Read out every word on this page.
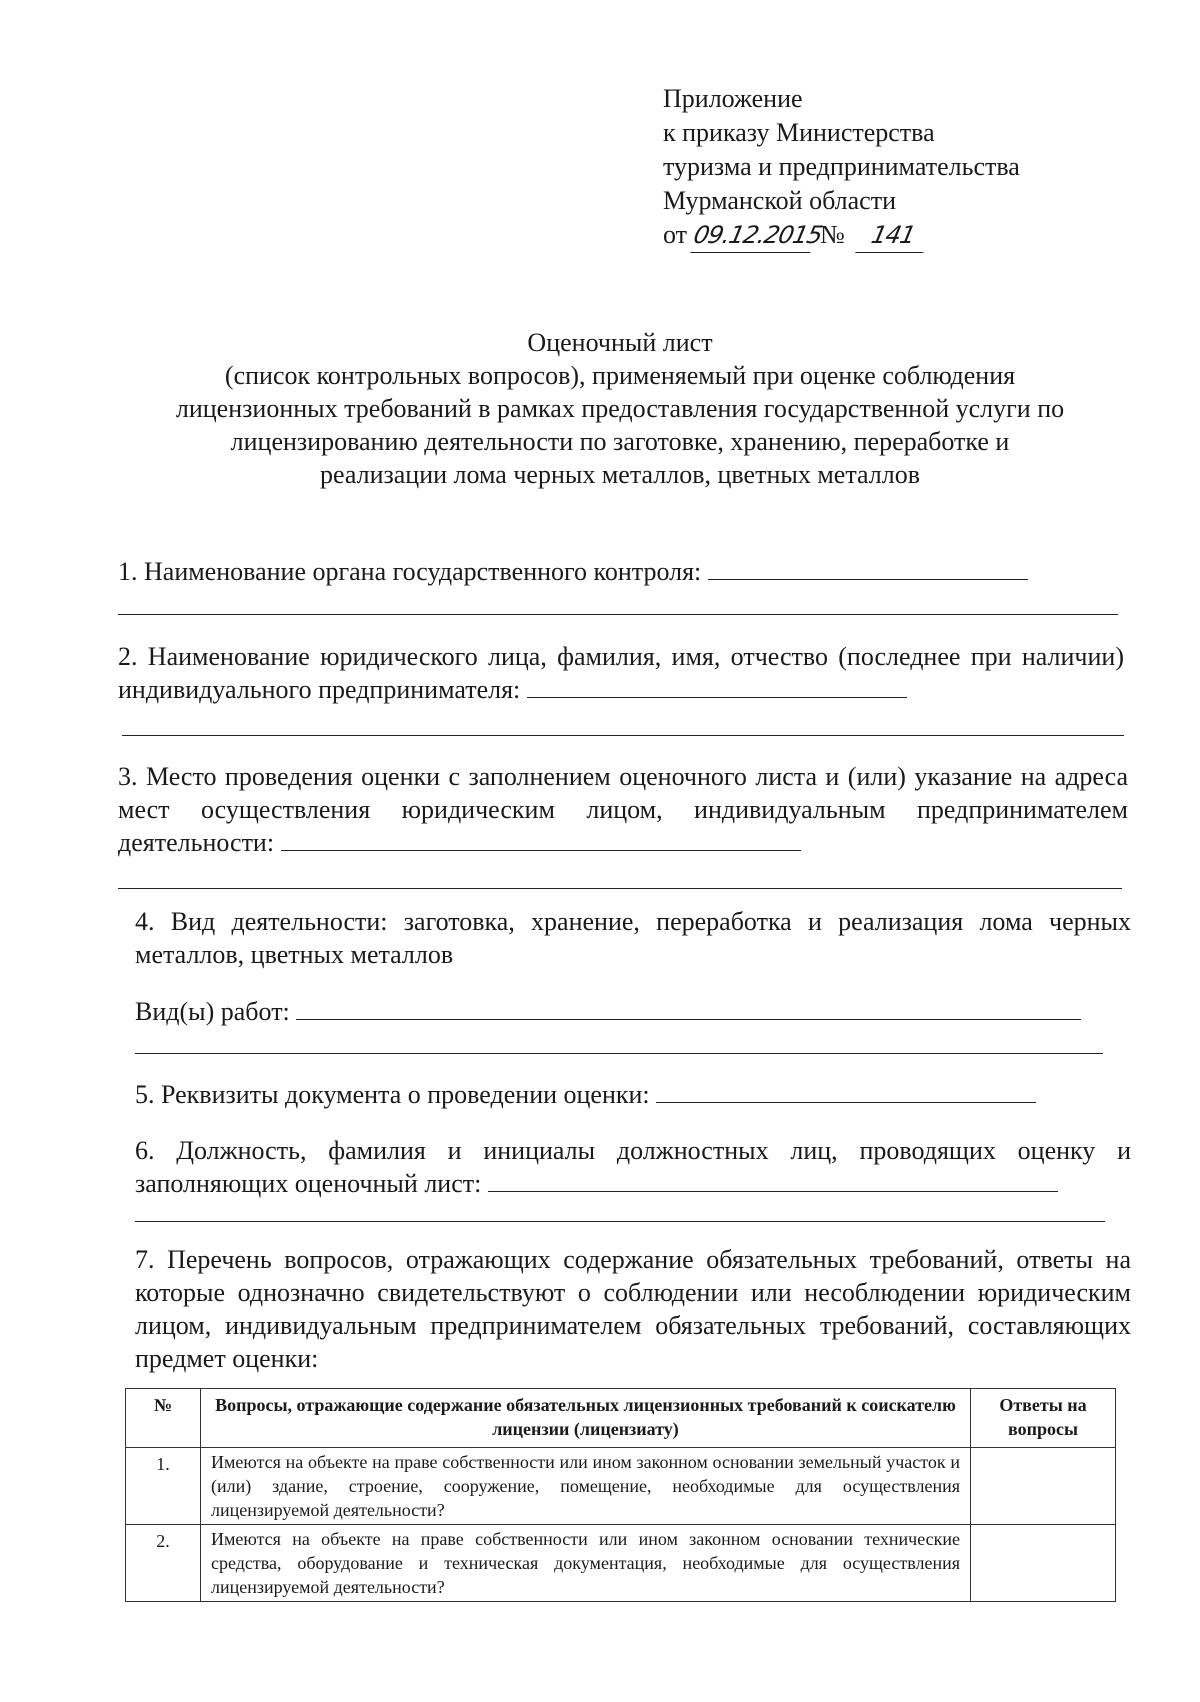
Приложение
к приказу Министерства
туризма и предпринимательства
Мурманской области
от 09.12.2015 № 141
Оценочный лист
(список контрольных вопросов), применяемый при оценке соблюдения
лицензионных требований в рамках предоставления государственной услуги по
лицензированию деятельности по заготовке, хранению, переработке и
реализации лома черных металлов, цветных металлов
1. Наименование органа государственного контроля:
2. Наименование юридического лица, фамилия, имя, отчество (последнее при наличии) индивидуального предпринимателя:
3. Место проведения оценки с заполнением оценочного листа и (или) указание на адреса мест осуществления юридическим лицом, индивидуальным предпринимателем деятельности:
4. Вид деятельности: заготовка, хранение, переработка и реализация лома черных металлов, цветных металлов
Вид(ы) работ:
5. Реквизиты документа о проведении оценки:
6. Должность, фамилия и инициалы должностных лиц, проводящих оценку и заполняющих оценочный лист:
7. Перечень вопросов, отражающих содержание обязательных требований, ответы на которые однозначно свидетельствуют о соблюдении или несоблюдении юридическим лицом, индивидуальным предпринимателем обязательных требований, составляющих предмет оценки:
№	Вопросы, отражающие содержание обязательных лицензионных требований к соискателю лицензии (лицензиату)	Ответы на вопросы
1.	Имеются на объекте на праве собственности или ином законном основании земельный участок и (или) здание, строение, сооружение, помещение, необходимые для осуществления лицензируемой деятельности?	
2.	Имеются на объекте на праве собственности или ином законном основании технические средства, оборудование и техническая документация, необходимые для осуществления лицензируемой деятельности?	
